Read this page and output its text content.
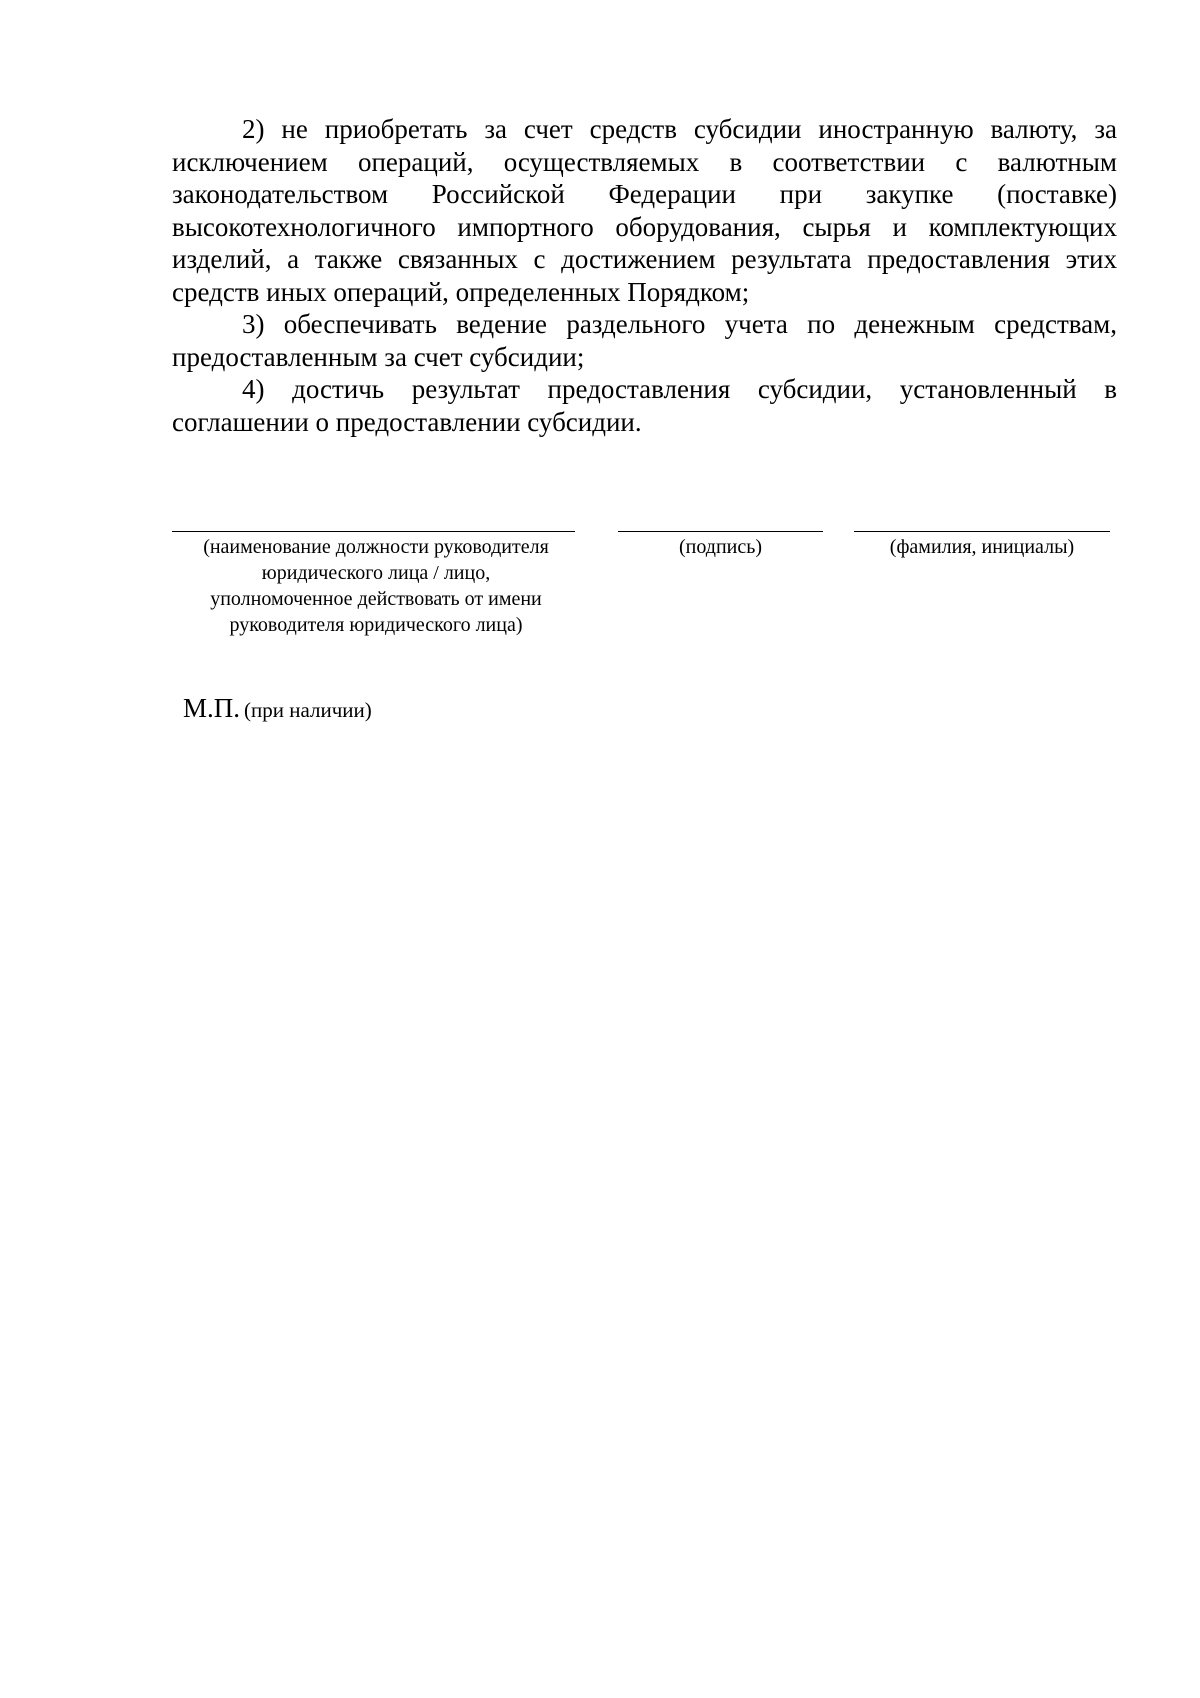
2) не приобретать за счет средств субсидии иностранную валюту, за исключением операций, осуществляемых в соответствии с валютным законодательством Российской Федерации при закупке (поставке) высокотехнологичного импортного оборудования, сырья и комплектующих изделий, а также связанных с достижением результата предоставления этих средств иных операций, определенных Порядком;

3) обеспечивать ведение раздельного учета по денежным средствам, предоставленным за счет субсидии;

4) достичь результат предоставления субсидии, установленный в соглашении о предоставлении субсидии.

(наименование должности руководителя юридического лица / лицо, уполномоченное действовать от имени руководителя юридического лица)
(подпись)	(фамилия, инициалы)
М.П. (при наличии)
